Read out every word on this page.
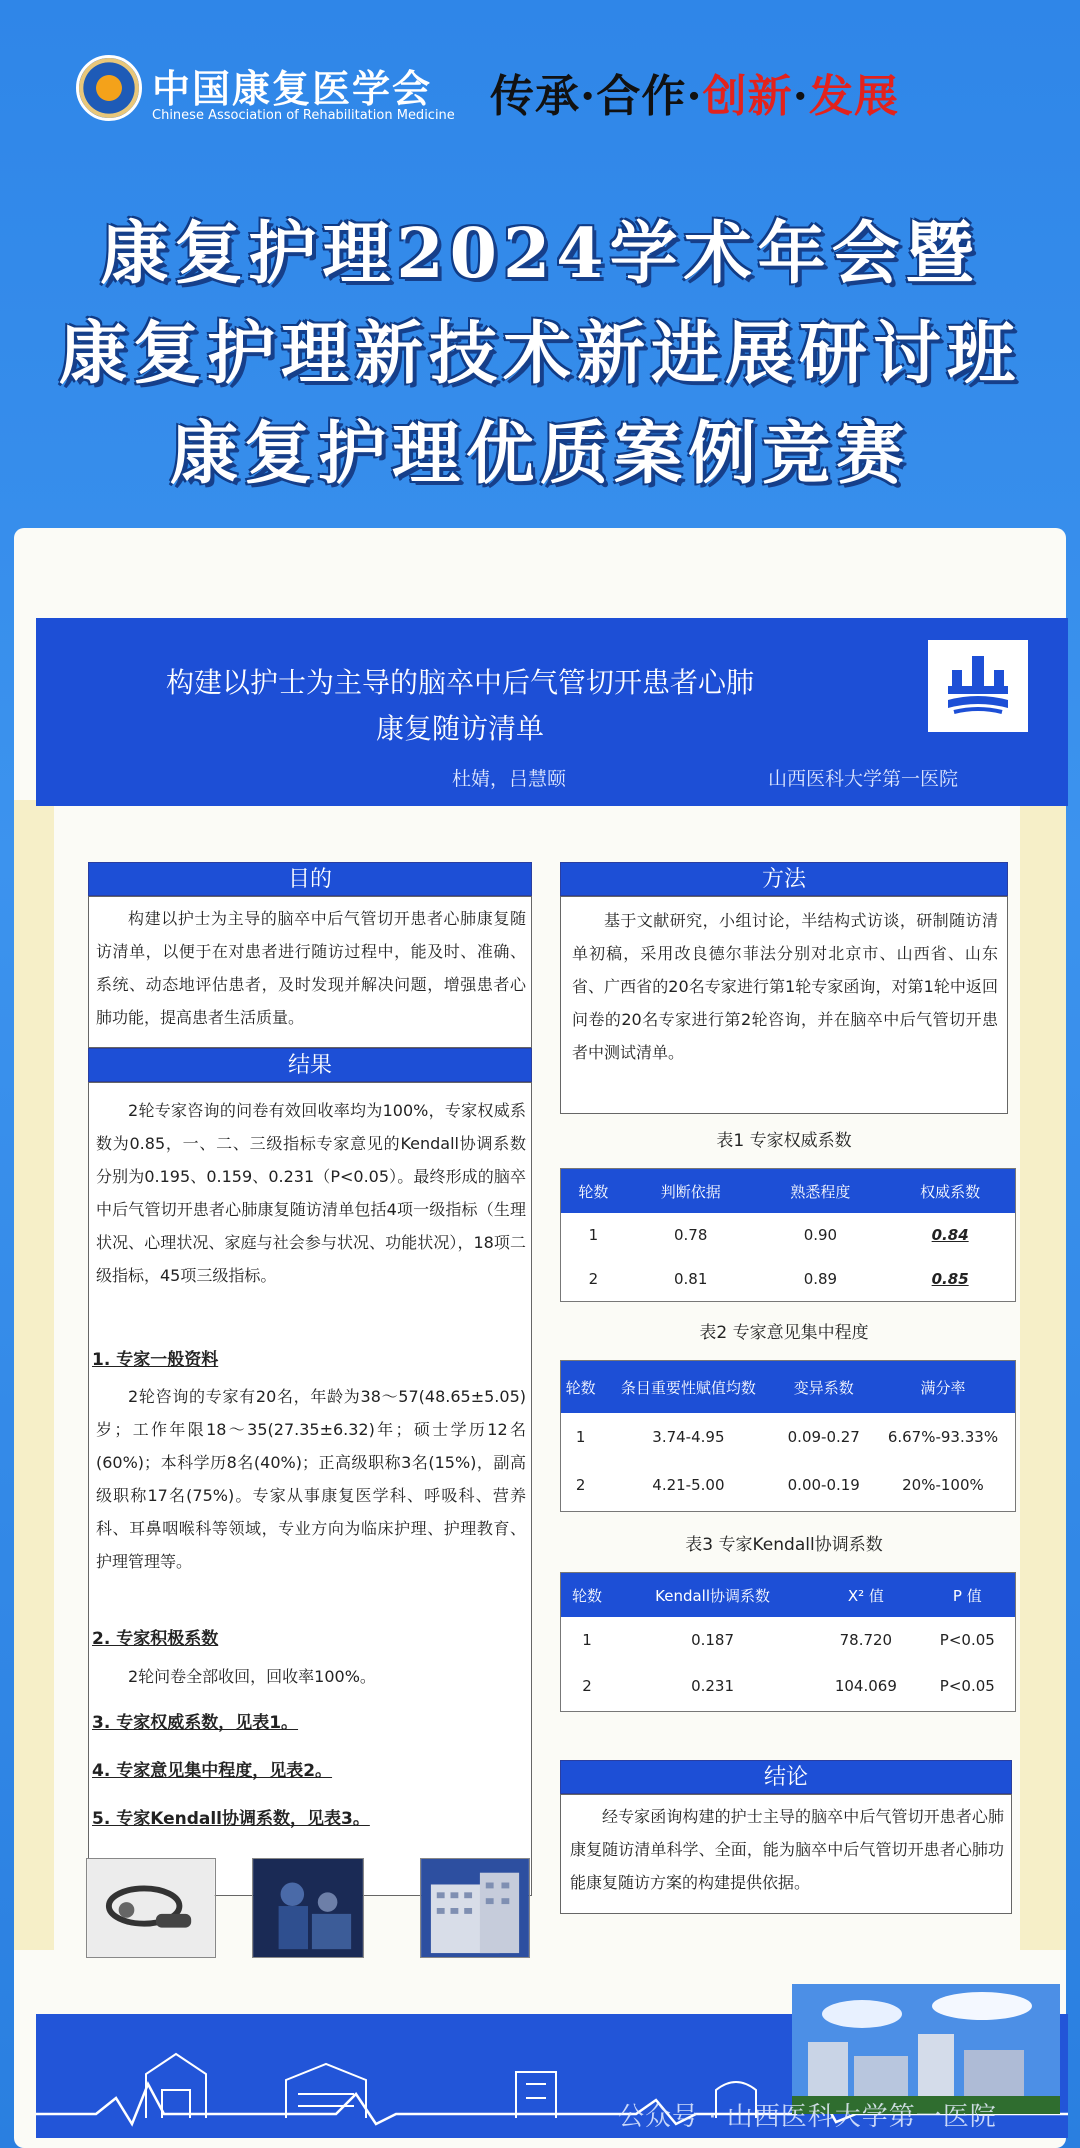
中国康复医学会
Chinese Association of Rehabilitation Medicine 传承·合作·创新·发展
康复护理2024学术年会暨
康复护理新技术新进展研讨班
康复护理优质案例竞赛
构建以护士为主导的脑卒中后气管切开患者心肺
康复随访清单
杜婧，吕慧颐	山西医科大学第一医院
目的
构建以护士为主导的脑卒中后气管切开患者心肺康复随访清单，以便于在对患者进行随访过程中，能及时、准确、系统、动态地评估患者，及时发现并解决问题，增强患者心肺功能，提高患者生活质量。
结果
2轮专家咨询的问卷有效回收率均为100%，专家权威系数为0.85，一、二、三级指标专家意见的Kendall协调系数分别为0.195、0.159、0.231（P<0.05）。最终形成的脑卒中后气管切开患者心肺康复随访清单包括4项一级指标（生理状况、心理状况、家庭与社会参与状况、功能状况），18项二级指标，45项三级指标。
1. 专家一般资料
2轮咨询的专家有20名，年龄为38～57(48.65±5.05)岁；工作年限18～35(27.35±6.32)年；硕士学历12名(60%)；本科学历8名(40%)；正高级职称3名(15%)，副高级职称17名(75%)。专家从事康复医学科、呼吸科、营养科、耳鼻咽喉科等领域，专业方向为临床护理、护理教育、护理管理等。
2. 专家积极系数
2轮问卷全部收回，回收率100%。
3. 专家权威系数，见表1。
4. 专家意见集中程度，见表2。
5. 专家Kendall协调系数，见表3。
方法
基于文献研究，小组讨论，半结构式访谈，研制随访清单初稿，采用改良德尔菲法分别对北京市、山西省、山东省、广西省的20名专家进行第1轮专家函询，对第1轮中返回问卷的20名专家进行第2轮咨询，并在脑卒中后气管切开患者中测试清单。
表1 专家权威系数
轮数	判断依据	熟悉程度	权威系数
1	0.78	0.90	0.84
2	0.81	0.89	0.85
表2 专家意见集中程度
轮数	条目重要性赋值均数	变异系数	满分率
1	3.74-4.95	0.09-0.27	6.67%-93.33%
2	4.21-5.00	0.00-0.19	20%-100%
表3 专家Kendall协调系数
轮数	Kendall协调系数	X² 值	P 值
1	0.187	78.720	P<0.05
2	0.231	104.069	P<0.05
结论
经专家函询构建的护士主导的脑卒中后气管切开患者心肺康复随访清单科学、全面，能为脑卒中后气管切开患者心肺功能康复随访方案的构建提供依据。
公众号 · 山西医科大学第一医院
